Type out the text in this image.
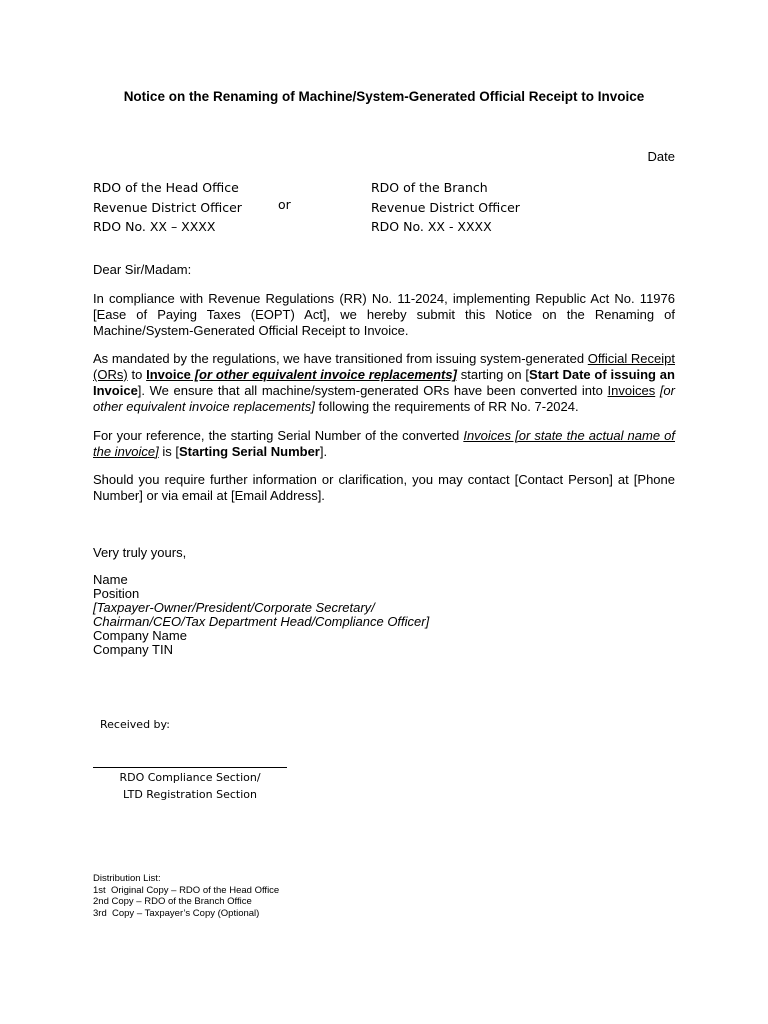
Notice on the Renaming of Machine/System-Generated Official Receipt to Invoice
Date
RDO of the Head Office
Revenue District Officer
RDO No. XX – XXXX
or
RDO of the Branch
Revenue District Officer
RDO No. XX - XXXX
Dear Sir/Madam:
In compliance with Revenue Regulations (RR) No. 11-2024, implementing Republic Act No. 11976 [Ease of Paying Taxes (EOPT) Act], we hereby submit this Notice on the Renaming of Machine/System-Generated Official Receipt to Invoice.
As mandated by the regulations, we have transitioned from issuing system-generated Official Receipt (ORs) to Invoice [or other equivalent invoice replacements] starting on [Start Date of issuing an Invoice]. We ensure that all machine/system-generated ORs have been converted into Invoices [or other equivalent invoice replacements] following the requirements of RR No. 7-2024.
For your reference, the starting Serial Number of the converted Invoices [or state the actual name of the invoice] is [Starting Serial Number].
Should you require further information or clarification, you may contact [Contact Person] at [Phone Number] or via email at [Email Address].
Very truly yours,
Name
Position
[Taxpayer-Owner/President/Corporate Secretary/
Chairman/CEO/Tax Department Head/Compliance Officer]
Company Name
Company TIN
Received by:
RDO Compliance Section/
LTD Registration Section
Distribution List:
1st  Original Copy – RDO of the Head Office
2nd Copy – RDO of the Branch Office
3rd  Copy – Taxpayer’s Copy (Optional)
